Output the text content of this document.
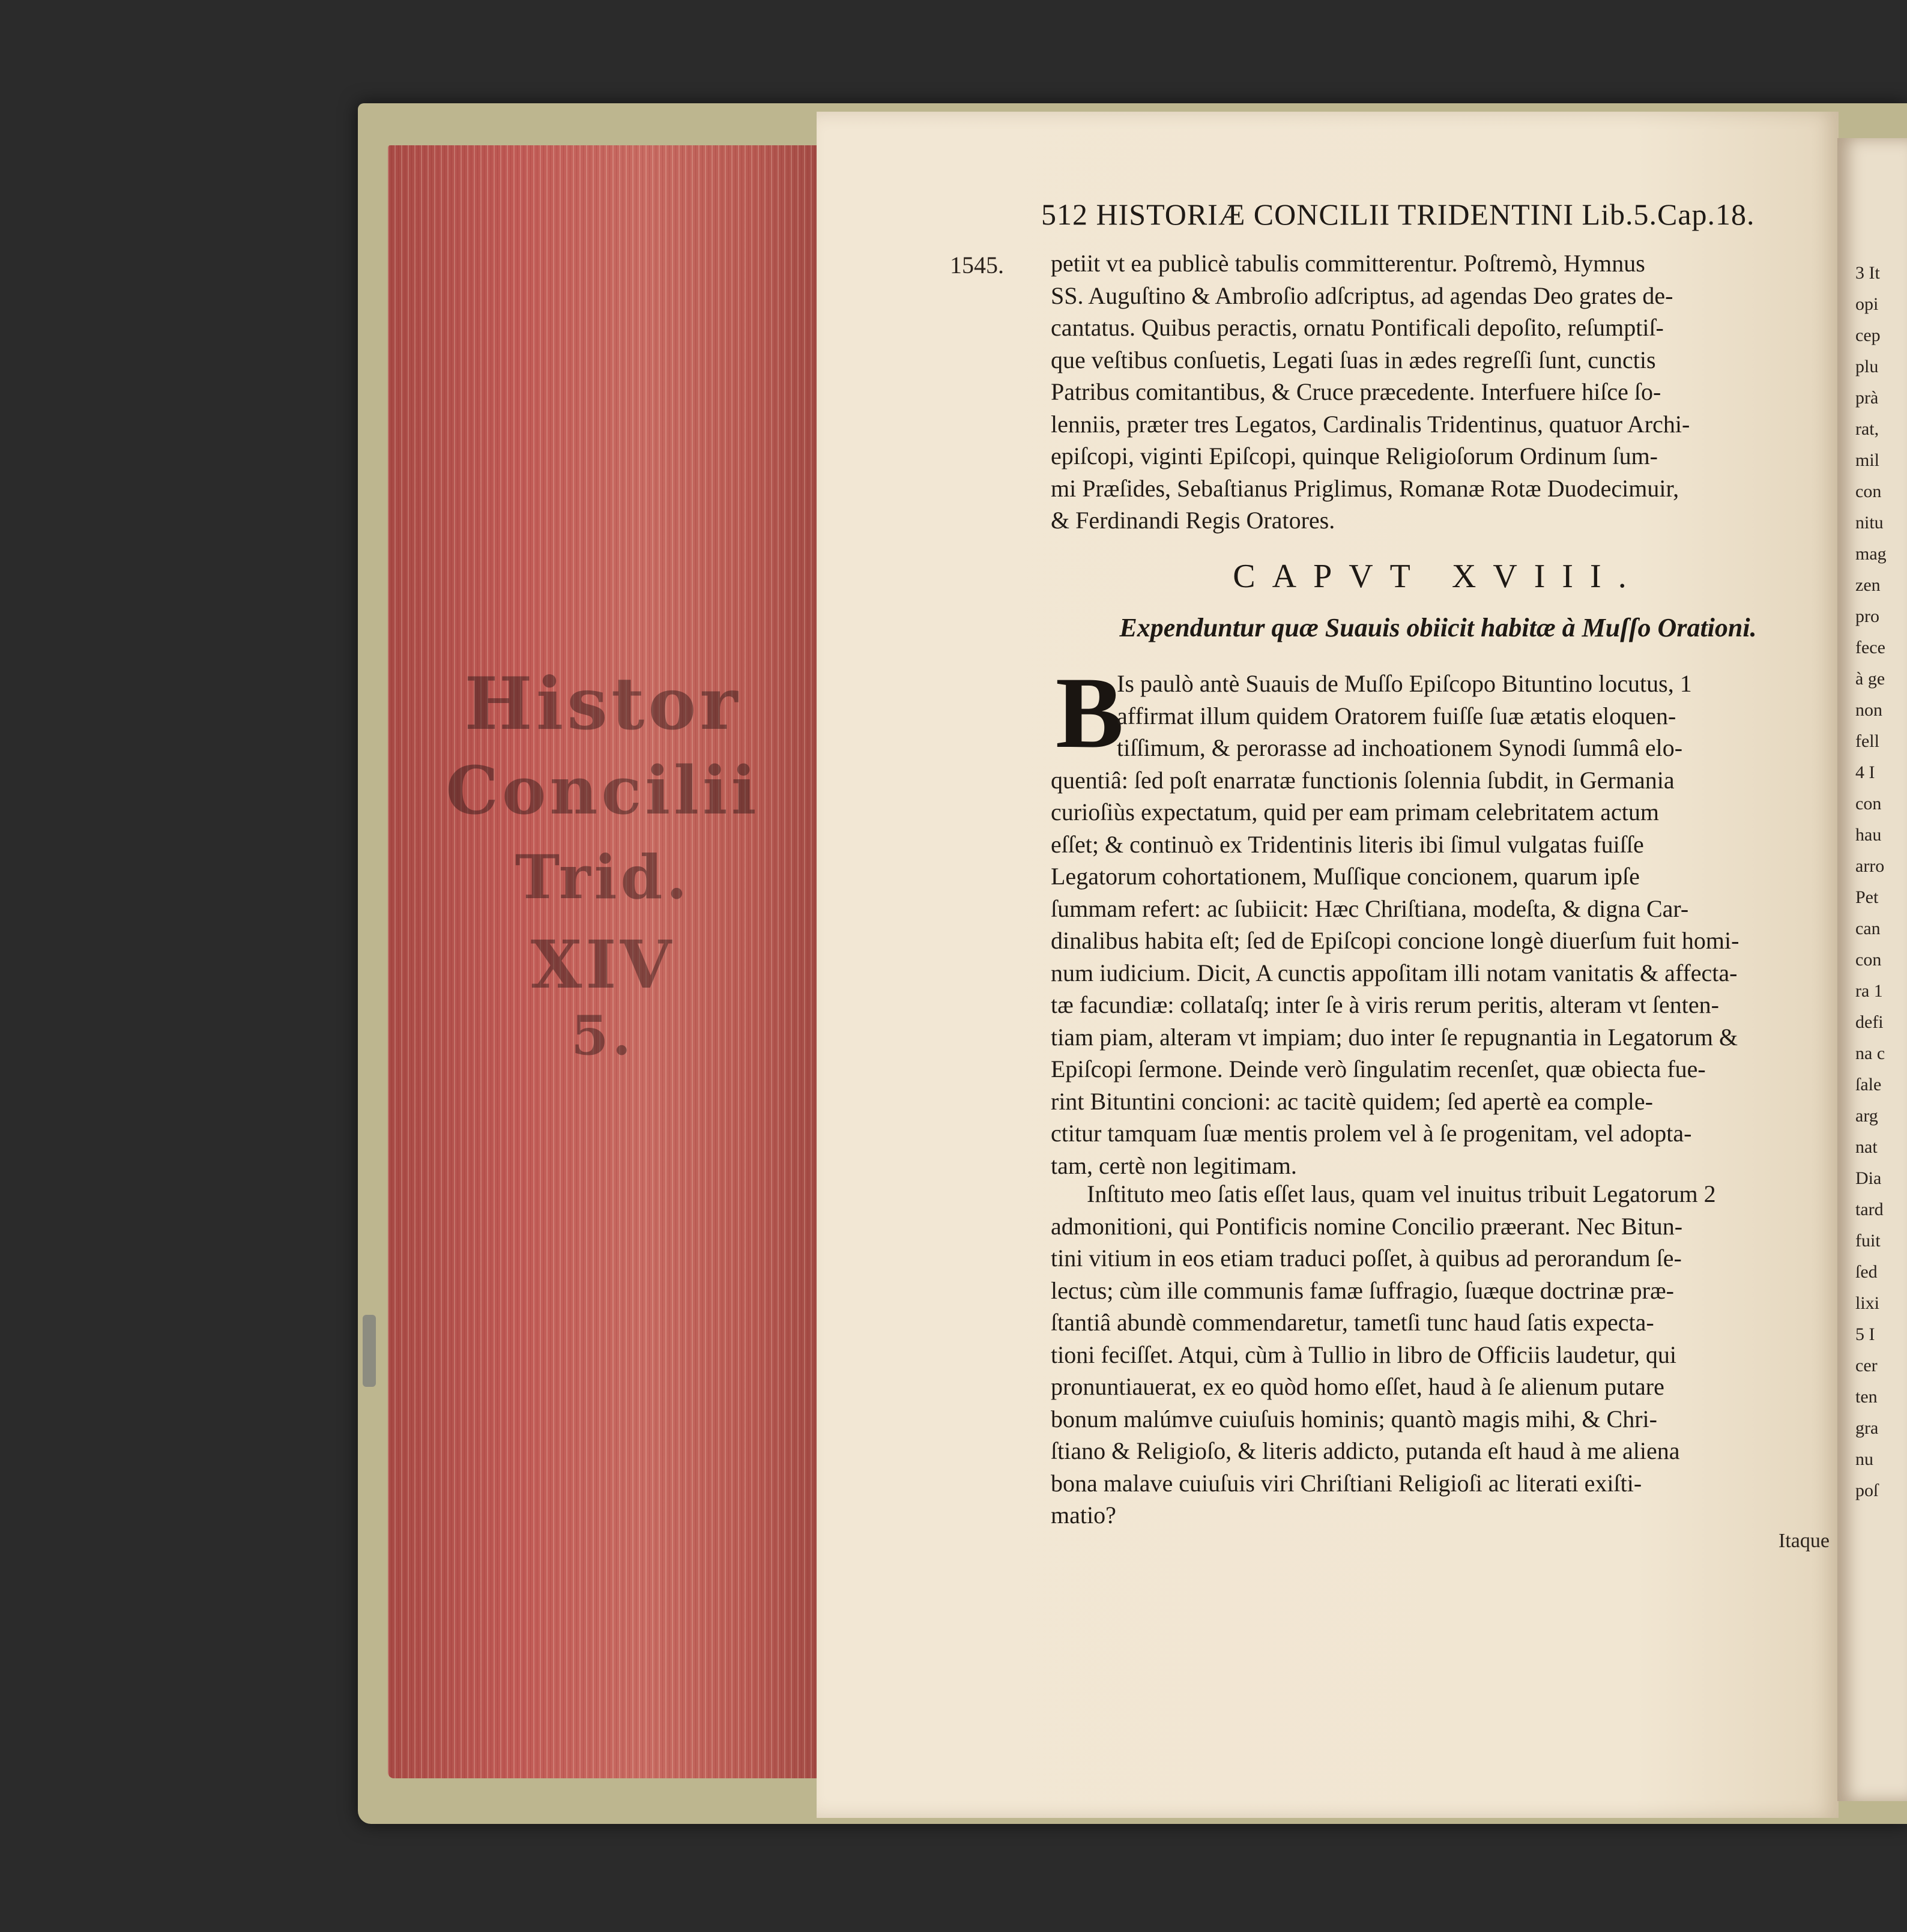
Histor
Concilii
Trid.
XIV
5.
512 HISTORIÆ CONCILII TRIDENTINI Lib.5.Cap.18.
1545. petiit vt ea publicè tabulis committerentur. Poſtremò, Hymnus
SS. Auguſtino & Ambroſio adſcriptus, ad agendas Deo grates de-
cantatus. Quibus peractis, ornatu Pontificali depoſito, reſumptiſ-
que veſtibus conſuetis, Legati ſuas in ædes regreſſi ſunt, cunctis
Patribus comitantibus, & Cruce præcedente. Interfuere hiſce ſo-
lenniis, præter tres Legatos, Cardinalis Tridentinus, quatuor Archi-
epiſcopi, viginti Epiſcopi, quinque Religioſorum Ordinum ſum-
mi Præſides, Sebaſtianus Priglimus, Romanæ Rotæ Duodecimuir,
& Ferdinandi Regis Oratores.
CAPVT XVIII.
Expenduntur quæ Suauis obiicit habitæ à Muſſo Orationi.
B
Is paulò antè Suauis de Muſſo Epiſcopo Bituntino locutus, 1
affirmat illum quidem Oratorem fuiſſe ſuæ ætatis eloquen-
tiſſimum, & perorasse ad inchoationem Synodi ſummâ elo-
quentiâ: ſed poſt enarratæ functionis ſolennia ſubdit, in Germania
curioſiùs expectatum, quid per eam primam celebritatem actum
eſſet; & continuò ex Tridentinis literis ibi ſimul vulgatas fuiſſe
Legatorum cohortationem, Muſſique concionem, quarum ipſe
ſummam refert: ac ſubiicit: Hæc Chriſtiana, modeſta, & digna Car-
dinalibus habita eſt; ſed de Epiſcopi concione longè diuerſum fuit homi-
num iudicium. Dicit, A cunctis appoſitam illi notam vanitatis & affecta-
tæ facundiæ: collataſq; inter ſe à viris rerum peritis, alteram vt ſenten-
tiam piam, alteram vt impiam; duo inter ſe repugnantia in Legatorum &
Epiſcopi ſermone. Deinde verò ſingulatim recenſet, quæ obiecta fue-
rint Bituntini concioni: ac tacitè quidem; ſed apertè ea comple-
ctitur tamquam ſuæ mentis prolem vel à ſe progenitam, vel adopta-
tam, certè non legitimam.
Inſtituto meo ſatis eſſet laus, quam vel inuitus tribuit Legatorum 2
admonitioni, qui Pontificis nomine Concilio præerant. Nec Bitun-
tini vitium in eos etiam traduci poſſet, à quibus ad perorandum ſe-
lectus; cùm ille communis famæ ſuffragio, ſuæque doctrinæ præ-
ſtantiâ abundè commendaretur, tametſi tunc haud ſatis expecta-
tioni feciſſet. Atqui, cùm à Tullio in libro de Officiis laudetur, qui
pronuntiauerat, ex eo quòd homo eſſet, haud à ſe alienum putare
bonum malúmve cuiuſuis hominis; quantò magis mihi, & Chri-
ſtiano & Religioſo, & literis addicto, putanda eſt haud à me aliena
bona malave cuiuſuis viri Chriſtiani Religioſi ac literati exiſti-
matio?
Itaque
3 It
opi
cep
plu
prà
rat,
mil
con
nitu
mag
zen
pro
fece
à ge
non
fell
4 I
con
hau
arro
Pet
can
con
ra 1
defi
na c
ſale
arg
nat
Dia
tard
fuit
ſed
lixi
5 I
cer
ten
gra
nu
poſ
